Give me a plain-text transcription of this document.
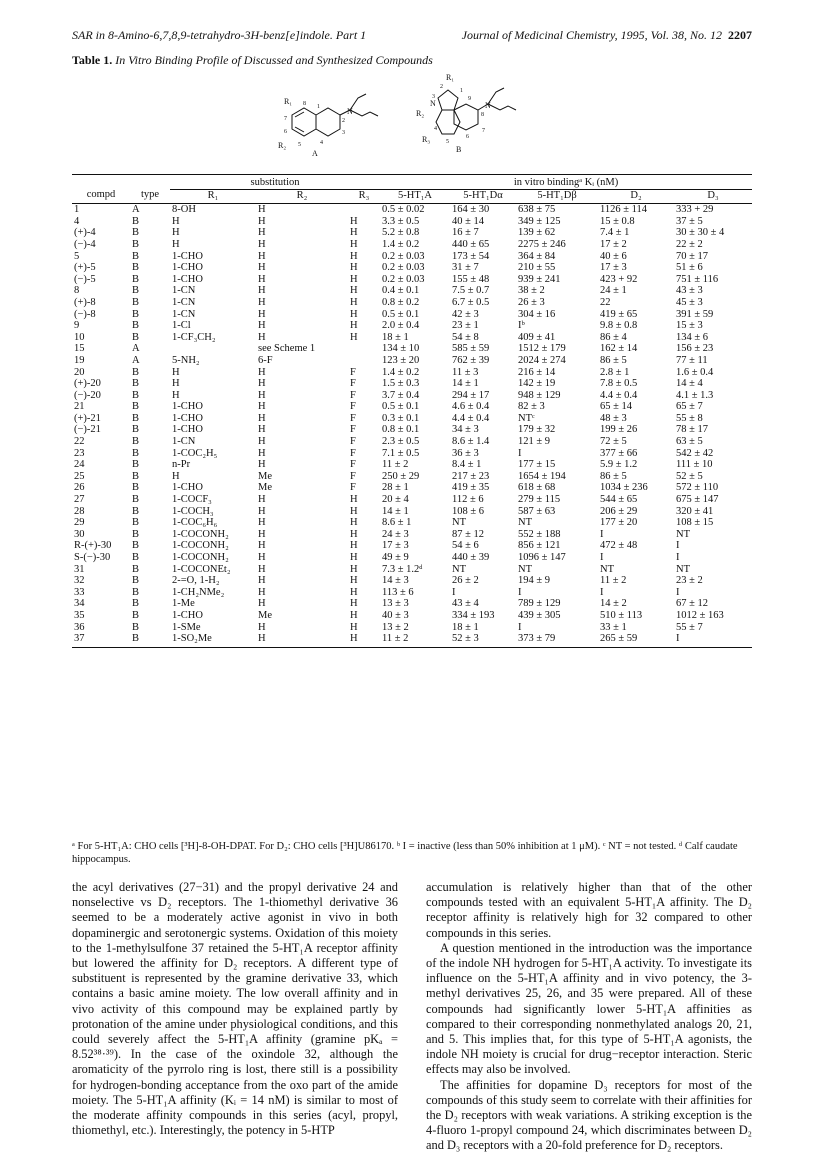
SAR in 8-Amino-6,7,8,9-tetrahydro-3H-benz[e]indole. Part 1	Journal of Medicinal Chemistry, 1995, Vol. 38, No. 12 2207
Table 1. In Vitro Binding Profile of Discussed and Synthesized Compounds
R₁
R₂
N
A
8 1
7	2
6
5	4
3
R₁
R₂
R₃
N	N
B
2
1
3	9
8
4
5
6
7
		substitution			in vitro bindingᵃ Kᵢ (nM)				
compd	type	R₁	R₂	R₃	5-HT₁A	5-HT₁Dα	5-HT₁Dβ	D₂	D₃
1	A	8-OH	H		0.5 ± 0.02	164 ± 30	638 ± 75	1126 ± 114	333 + 29
4	B	H	H	H	3.3 ± 0.5	40 ± 14	349 ± 125	15 ± 0.8	37 ± 5
(+)-4	B	H	H	H	5.2 ± 0.8	16 ± 7	139 ± 62	7.4 ± 1	30 ± 30 ± 4
(−)-4	B	H	H	H	1.4 ± 0.2	440 ± 65	2275 ± 246	17 ± 2	22 ± 2
5	B	1-CHO	H	H	0.2 ± 0.03	173 ± 54	364 ± 84	40 ± 6	70 ± 17
(+)-5	B	1-CHO	H	H	0.2 ± 0.03	31 ± 7	210 ± 55	17 ± 3	51 ± 6
(−)-5	B	1-CHO	H	H	0.2 ± 0.03	155 ± 48	939 ± 241	423 + 92	751 ± 116
8	B	1-CN	H	H	0.4 ± 0.1	7.5 ± 0.7	38 ± 2	24 ± 1	43 ± 3
(+)-8	B	1-CN	H	H	0.8 ± 0.2	6.7 ± 0.5	26 ± 3	22	45 ± 3
(−)-8	B	1-CN	H	H	0.5 ± 0.1	42 ± 3	304 ± 16	419 ± 65	391 ± 59
9	B	1-Cl	H	H	2.0 ± 0.4	23 ± 1	Iᵇ	9.8 ± 0.8	15 ± 3
10	B	1-CF₃CH₂	H	H	18 ± 1	54 ± 8	409 ± 41	86 ± 4	134 ± 6
15	A		see Scheme 1		134 ± 10	585 ± 59	1512 ± 179	162 ± 14	156 ± 23
19	A	5-NH₂	6-F		123 ± 20	762 ± 39	2024 ± 274	86 ± 5	77 ± 11
20	B	H	H	F	1.4 ± 0.2	11 ± 3	216 ± 14	2.8 ± 1	1.6 ± 0.4
(+)-20	B	H	H	F	1.5 ± 0.3	14 ± 1	142 ± 19	7.8 ± 0.5	14 ± 4
(−)-20	B	H	H	F	3.7 ± 0.4	294 ± 17	948 ± 129	4.4 ± 0.4	4.1 ± 1.3
21	B	1-CHO	H	F	0.5 ± 0.1	4.6 ± 0.4	82 ± 3	65 ± 14	65 ± 7
(+)-21	B	1-CHO	H	F	0.3 ± 0.1	4.4 ± 0.4	NTᶜ	48 ± 3	55 ± 8
(−)-21	B	1-CHO	H	F	0.8 ± 0.1	34 ± 3	179 ± 32	199 ± 26	78 ± 17
22	B	1-CN	H	F	2.3 ± 0.5	8.6 ± 1.4	121 ± 9	72 ± 5	63 ± 5
23	B	1-COC₂H₅	H	F	7.1 ± 0.5	36 ± 3	I	377 ± 66	542 ± 42
24	B	n-Pr	H	F	11 ± 2	8.4 ± 1	177 ± 15	5.9 ± 1.2	111 ± 10
25	B	H	Me	F	250 ± 29	217 ± 23	1654 ± 194	86 ± 5	52 ± 5
26	B	1-CHO	Me	F	28 ± 1	419 ± 35	618 ± 68	1034 ± 236	572 ± 110
27	B	1-COCF₃	H	H	20 ± 4	112 ± 6	279 ± 115	544 ± 65	675 ± 147
28	B	1-COCH₃	H	H	14 ± 1	108 ± 6	587 ± 63	206 ± 29	320 ± 41
29	B	1-COC₆H₆	H	H	8.6 ± 1	NT	NT	177 ± 20	108 ± 15
30	B	1-COCONH₂	H	H	24 ± 3	87 ± 12	552 ± 188	I	NT
R-(+)-30	B	1-COCONH₂	H	H	17 ± 3	54 ± 6	856 ± 121	472 ± 48	I
S-(−)-30	B	1-COCONH₂	H	H	49 ± 9	440 ± 39	1096 ± 147	I	I
31	B	1-COCONEt₂	H	H	7.3 ± 1.2ᵈ	NT	NT	NT	NT
32	B	2-=O, 1-H₂	H	H	14 ± 3	26 ± 2	194 ± 9	11 ± 2	23 ± 2
33	B	1-CH₂NMe₂	H	H	113 ± 6	I	I	I	I
34	B	1-Me	H	H	13 ± 3	43 ± 4	789 ± 129	14 ± 2	67 ± 12
35	B	1-CHO	Me	H	40 ± 3	334 ± 193	439 ± 305	510 ± 113	1012 ± 163
36	B	1-SMe	H	H	13 ± 2	18 ± 1	I	33 ± 1	55 ± 7
37	B	1-SO₂Me	H	H	11 ± 2	52 ± 3	373 ± 79	265 ± 59	I
ᵃ For 5-HT₁A: CHO cells [³H]-8-OH-DPAT. For D₂: CHO cells [³H]U86170. ᵇ I = inactive (less than 50% inhibition at 1 μM). ᶜ NT = not tested. ᵈ Calf caudate hippocampus.

the acyl derivatives (27−31) and the propyl derivative 24 and nonselective vs D₂ receptors. The 1-thiomethyl derivative 36 seemed to be a moderately active agonist in vivo in both dopaminergic and serotonergic systems. Oxidation of this moiety to the 1-methylsulfone 37 retained the 5-HT₁A receptor affinity but lowered the affinity for D₂ receptors. A different type of substituent is represented by the gramine derivative 33, which contains a basic amine moiety. The low overall affinity and in vivo activity of this compound may be explained partly by protonation of the amine under physiological conditions, and this could severely affect the 5-HT₁A affinity (gramine pKₐ = 8.52³⁸·³⁹). In the case of the oxindole 32, although the aromaticity of the pyrrolo ring is lost, there still is a possibility for hydrogen-bonding acceptance from the oxo part of the amide moiety. The 5-HT₁A affinity (Kᵢ = 14 nM) is similar to most of the moderate affinity compounds in this series (acyl, propyl, thiomethyl, etc.). Interestingly, the potency in 5-HTP

accumulation is relatively higher than that of the other compounds tested with an equivalent 5-HT₁A affinity. The D₂ receptor affinity is relatively high for 32 compared to other compounds in this series.

A question mentioned in the introduction was the importance of the indole NH hydrogen for 5-HT₁A activity. To investigate its influence on the 5-HT₁A affinity and in vivo potency, the 3-methyl derivatives 25, 26, and 35 were prepared. All of these compounds had significantly lower 5-HT₁A affinities as compared to their corresponding nonmethylated analogs 20, 21, and 5. This implies that, for this type of 5-HT₁A agonists, the indole NH moiety is crucial for drug−receptor interaction. Steric effects may also be involved.

The affinities for dopamine D₃ receptors for most of the compounds of this study seem to correlate with their affinities for the D₂ receptors with weak variations. A striking exception is the 4-fluoro 1-propyl compound 24, which discriminates between D₂ and D₃ receptors with a 20-fold preference for D₂ receptors.
